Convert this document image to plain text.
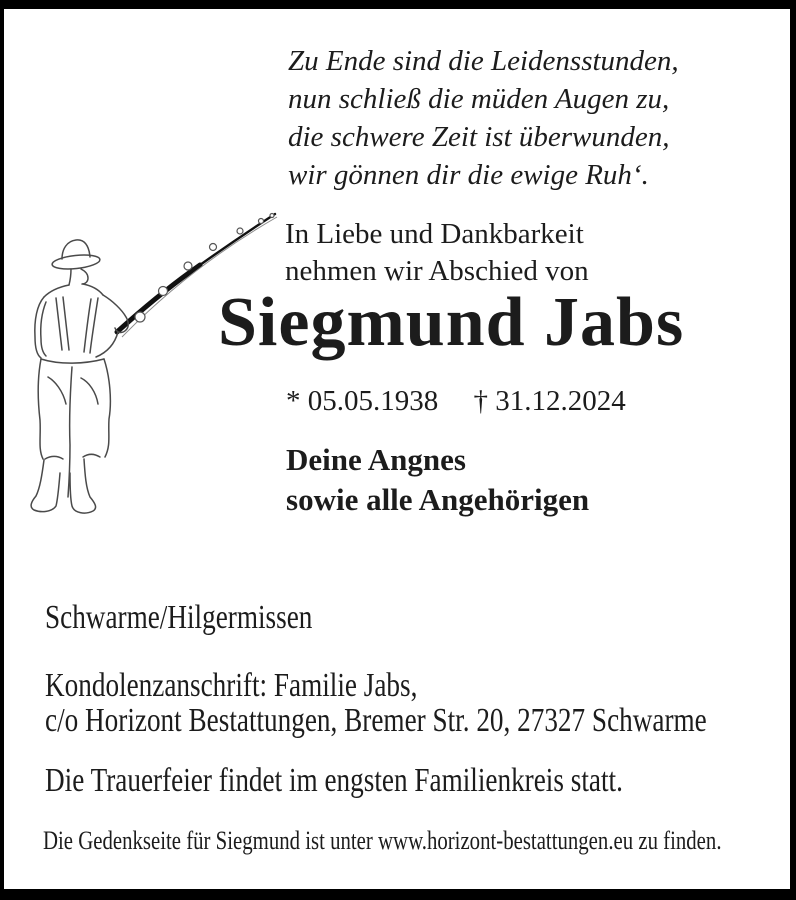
Zu Ende sind die Leidensstunden,
nun schließ die müden Augen zu,
die schwere Zeit ist überwunden,
wir gönnen dir die ewige Ruh‘.
In Liebe und Dankbarkeit
nehmen wir Abschied von
Siegmund Jabs
* 05.05.1938 † 31.12.2024
Deine Angnes
sowie alle Angehörigen
Schwarme/Hilgermissen
Kondolenzanschrift: Familie Jabs,
c/o Horizont Bestattungen, Bremer Str. 20, 27327 Schwarme
Die Trauerfeier findet im engsten Familienkreis statt.
Die Gedenkseite für Siegmund ist unter www.horizont-bestattungen.eu zu finden.
